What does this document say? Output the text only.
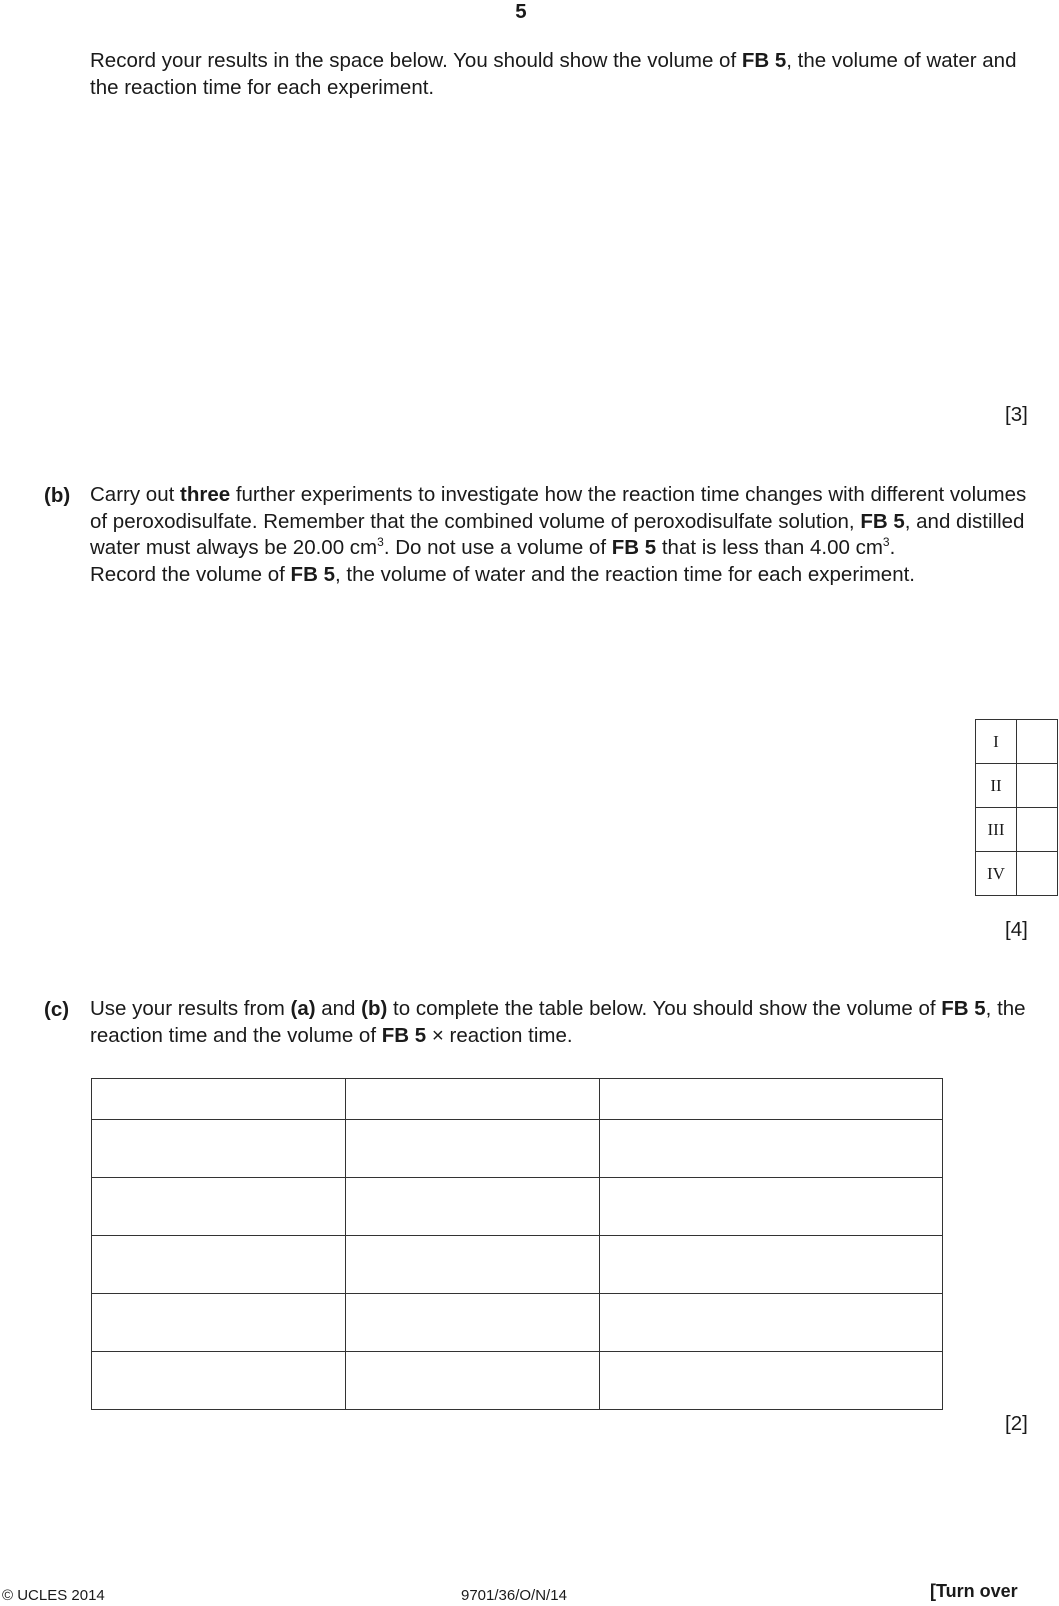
5
Record your results in the space below. You should show the volume of FB 5, the volume of water and the reaction time for each experiment.
[3]
(b) Carry out three further experiments to investigate how the reaction time changes with different volumes of peroxodisulfate. Remember that the combined volume of peroxodisulfate solution, FB 5, and distilled water must always be 20.00 $cm^3$. Do not use a volume of FB 5 that is less than 4.00 $cm^3$.
Record the volume of FB 5, the volume of water and the reaction time for each experiment.
I	
II	
III	
IV	
[4]
(c) Use your results from (a) and (b) to complete the table below. You should show the volume of FB 5, the reaction time and the volume of FB 5 × reaction time.

[2]
© UCLES 2014	9701/36/O/N/14	[Turn over
